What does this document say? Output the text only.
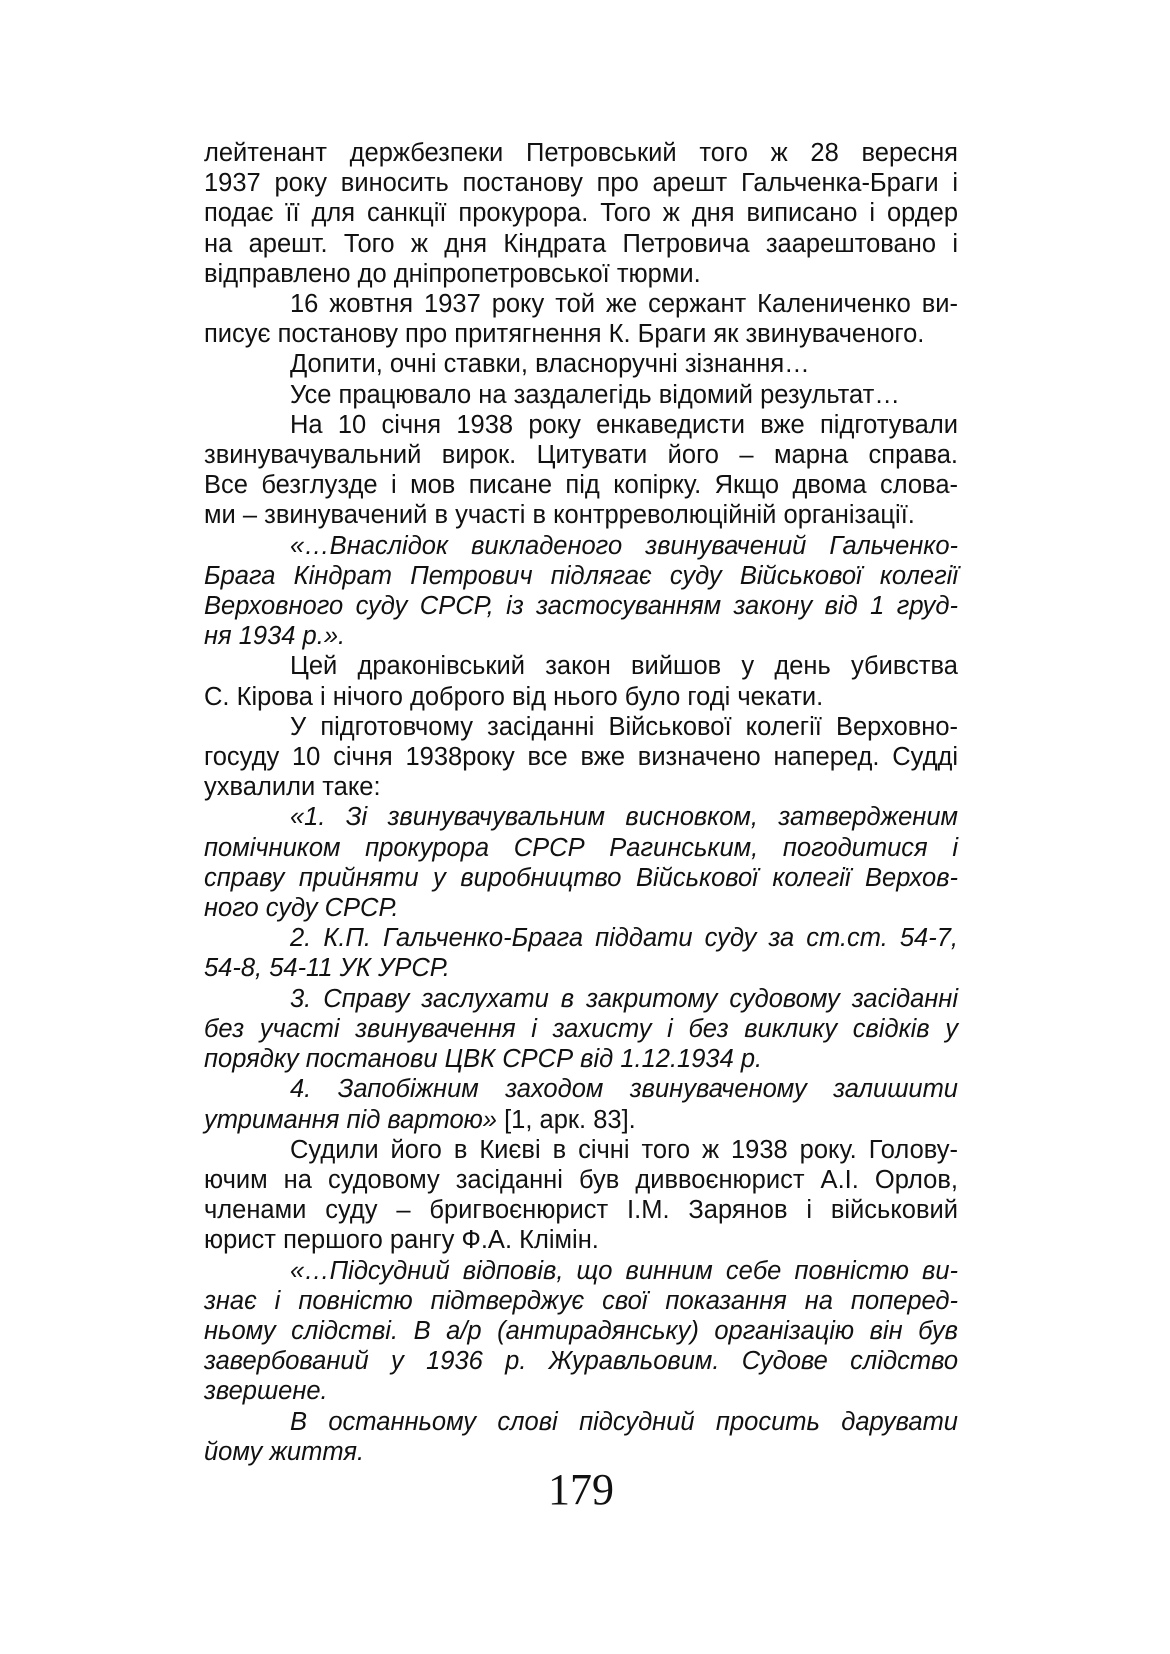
лейтенант держбезпеки Петровський того ж 28 вересня
1937 року виносить постанову про арешт Гальченка-Браги і
подає її для санкції прокурора. Того ж дня виписано і ордер
на арешт. Того ж дня Кіндрата Петровича заарештовано і
відправлено до дніпропетровської тюрми.
16 жовтня 1937 року той же сержант Калениченко ви-
писує постанову про притягнення К. Браги як звинуваченого.
Допити, очні ставки, власноручні зізнання…
Усе працювало на заздалегідь відомий результат…
На 10 січня 1938 року енкаведисти вже підготували
звинувачувальний вирок. Цитувати його – марна справа.
Все безглузде і мов писане під копірку. Якщо двома слова-
ми – звинувачений в участі в контрреволюційній організації.
«…Внаслідок викладеного звинувачений Гальченко-
Брага Кіндрат Петрович підлягає суду Військової колегії
Верховного суду СРСР, із застосуванням закону від 1 груд-
ня 1934 р.».
Цей драконівський закон вийшов у день убивства
С. Кірова і нічого доброго від нього було годі чекати.
У підготовчому засіданні Військової колегії Верховно-
госуду 10 січня 1938року все вже визначено наперед. Судді
ухвалили таке:
«1. Зі звинувачувальним висновком, затвердженим
помічником прокурора СРСР Рагинським, погодитися і
справу прийняти у виробництво Військової колегії Верхов-
ного суду СРСР.
2. К.П. Гальченко-Брага піддати суду за ст.ст. 54-7,
54-8, 54-11 УК УРСР.
3. Справу заслухати в закритому судовому засіданні
без участі звинувачення і захисту і без виклику свідків у
порядку постанови ЦВК СРСР від 1.12.1934 р.
4. Запобіжним заходом звинуваченому залишити
утримання під вартою» [1, арк. 83].
Судили його в Києві в січні того ж 1938 року. Голову-
ючим на судовому засіданні був диввоєнюрист А.І. Орлов,
членами суду – бригвоєнюрист І.М. Зарянов і військовий
юрист першого рангу Ф.А. Клімін.
«…Підсудний відповів, що винним себе повністю ви-
знає і повністю підтверджує свої показання на поперед-
ньому слідстві. В а/р (антирадянську) організацію він був
завербований у 1936 р. Журавльовим. Судове слідство
звершене.
В останньому слові підсудний просить дарувати
йому життя.
179
